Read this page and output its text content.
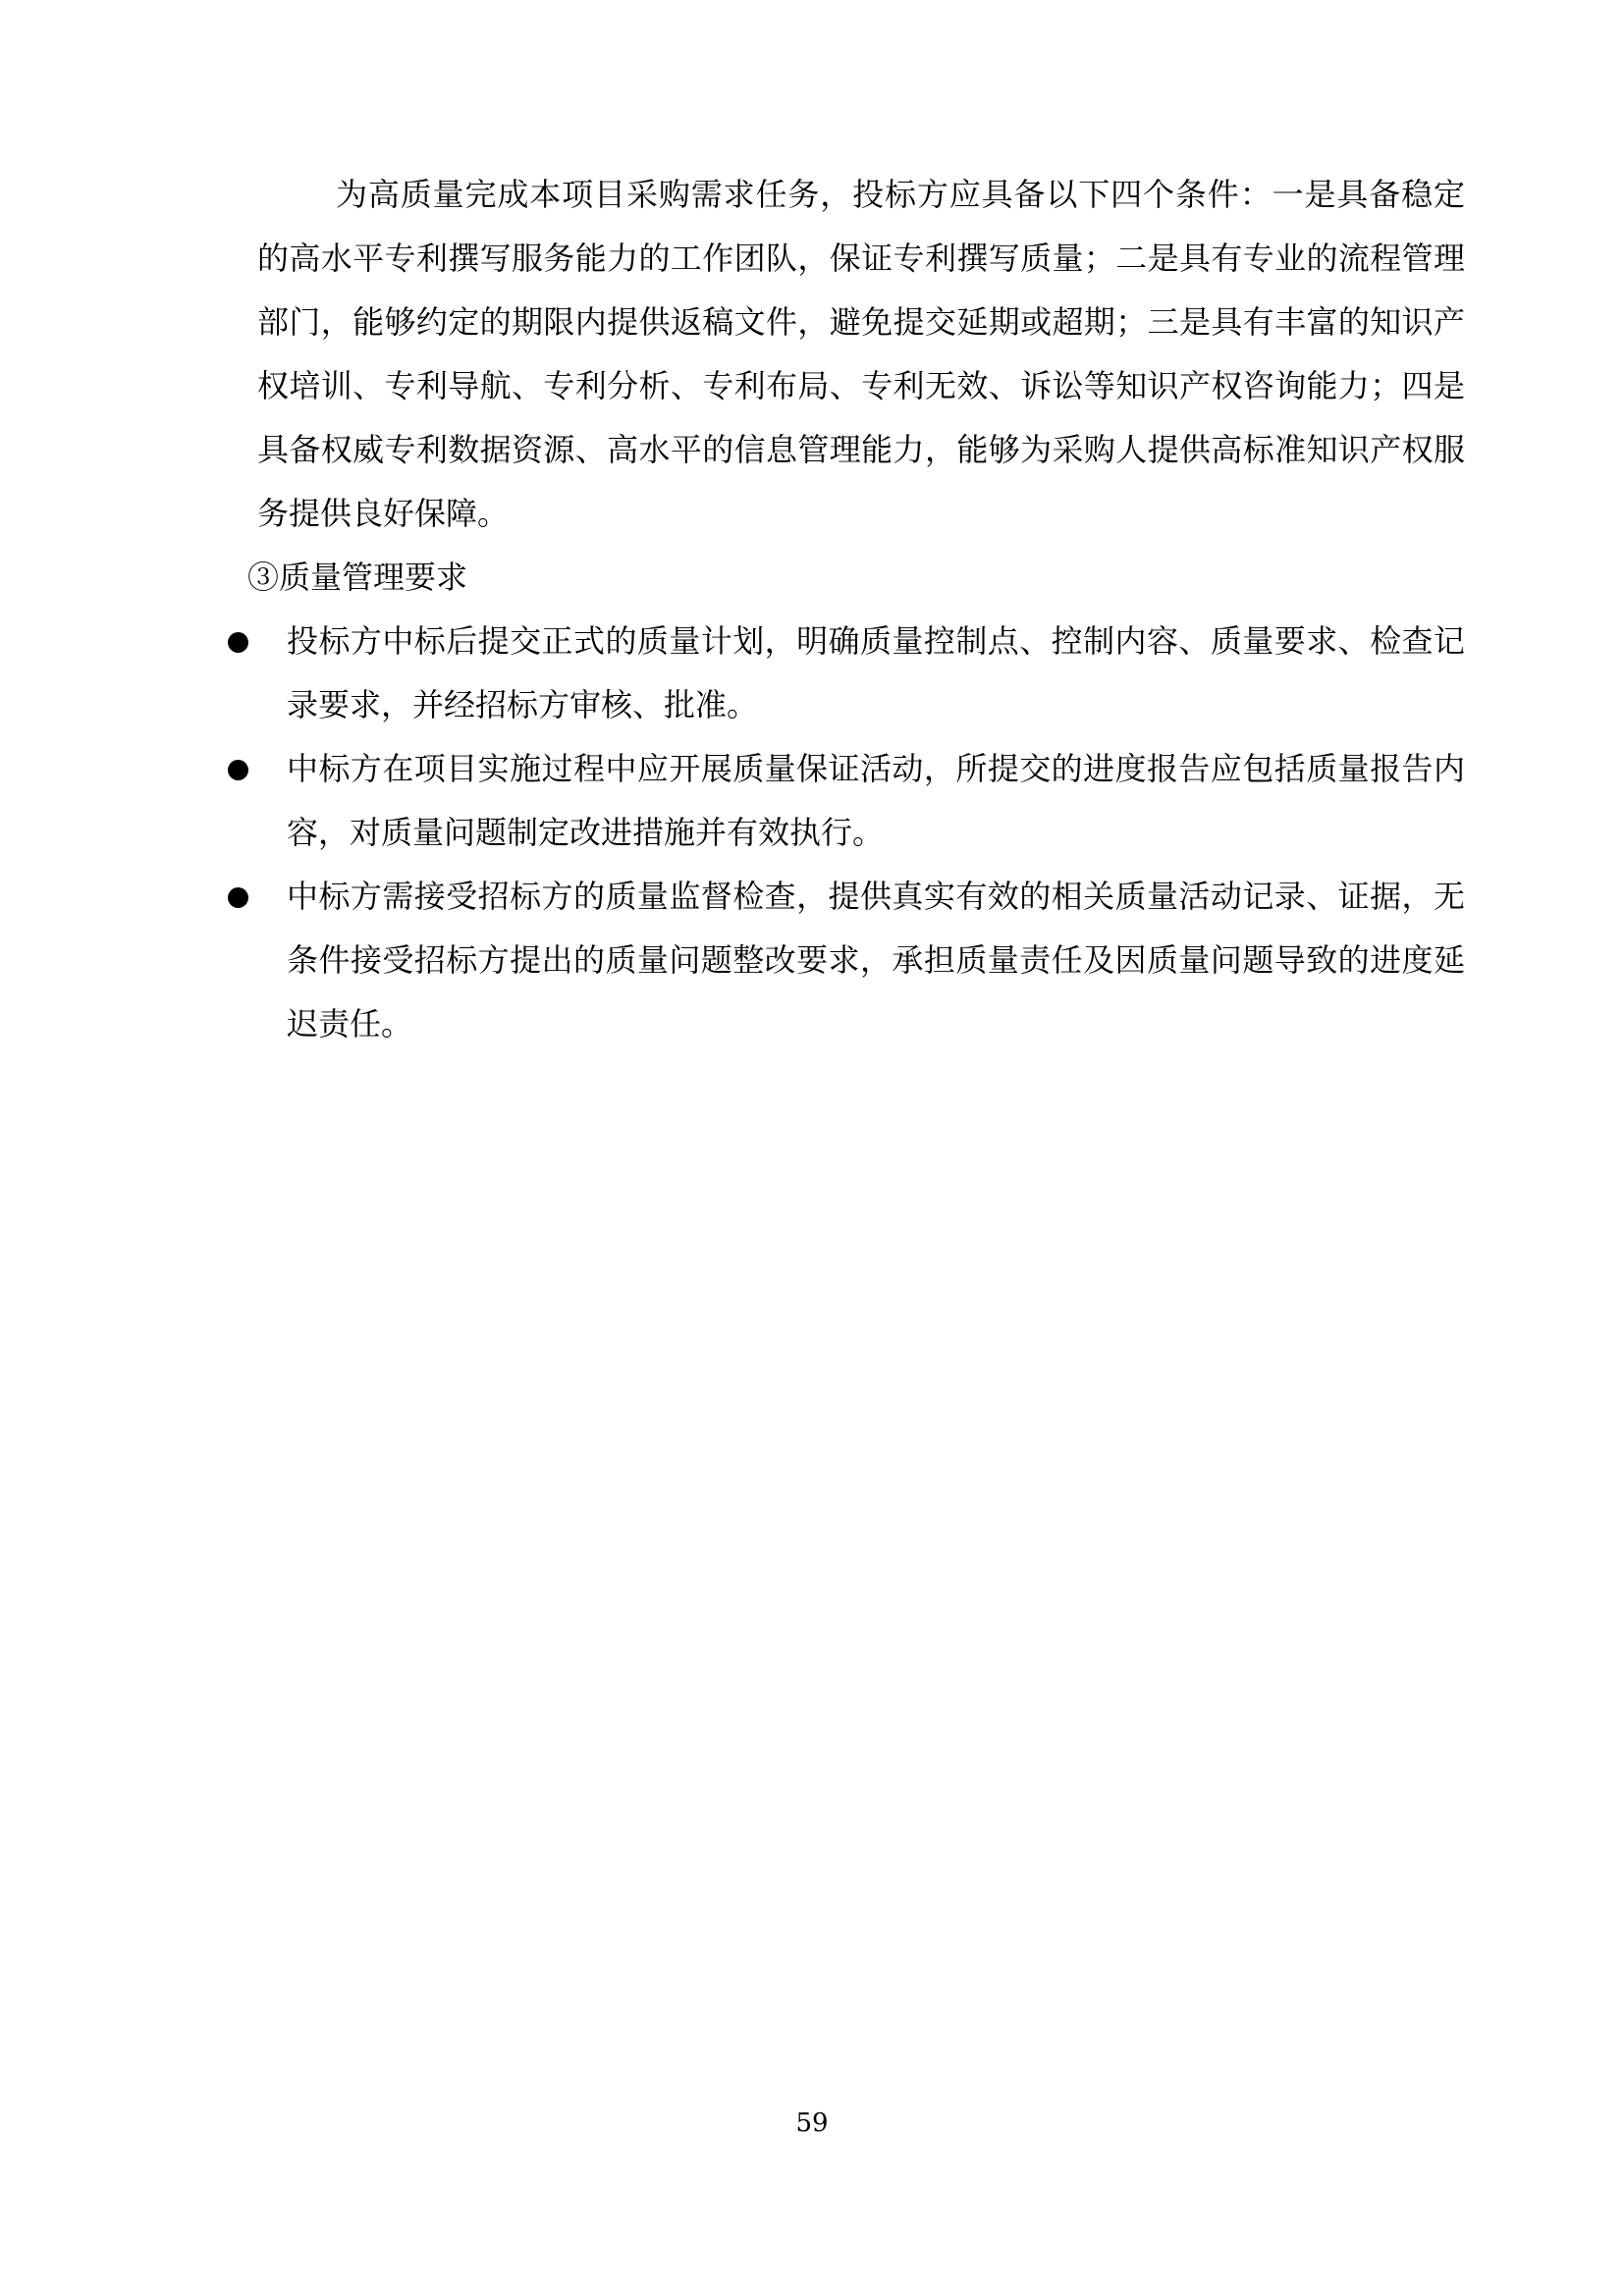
为高质量完成本项目采购需求任务，投标方应具备以下四个条件：一是具备稳定的高水平专利撰写服务能力的工作团队，保证专利撰写质量；二是具有专业的流程管理部门，能够约定的期限内提供返稿文件，避免提交延期或超期；三是具有丰富的知识产权培训、专利导航、专利分析、专利布局、专利无效、诉讼等知识产权咨询能力；四是具备权威专利数据资源、高水平的信息管理能力，能够为采购人提供高标准知识产权服务提供良好保障。

③质量管理要求

投标方中标后提交正式的质量计划，明确质量控制点、控制内容、质量要求、检查记录要求，并经招标方审核、批准。
中标方在项目实施过程中应开展质量保证活动，所提交的进度报告应包括质量报告内容，对质量问题制定改进措施并有效执行。
中标方需接受招标方的质量监督检查，提供真实有效的相关质量活动记录、证据，无条件接受招标方提出的质量问题整改要求，承担质量责任及因质量问题导致的进度延迟责任。
59
